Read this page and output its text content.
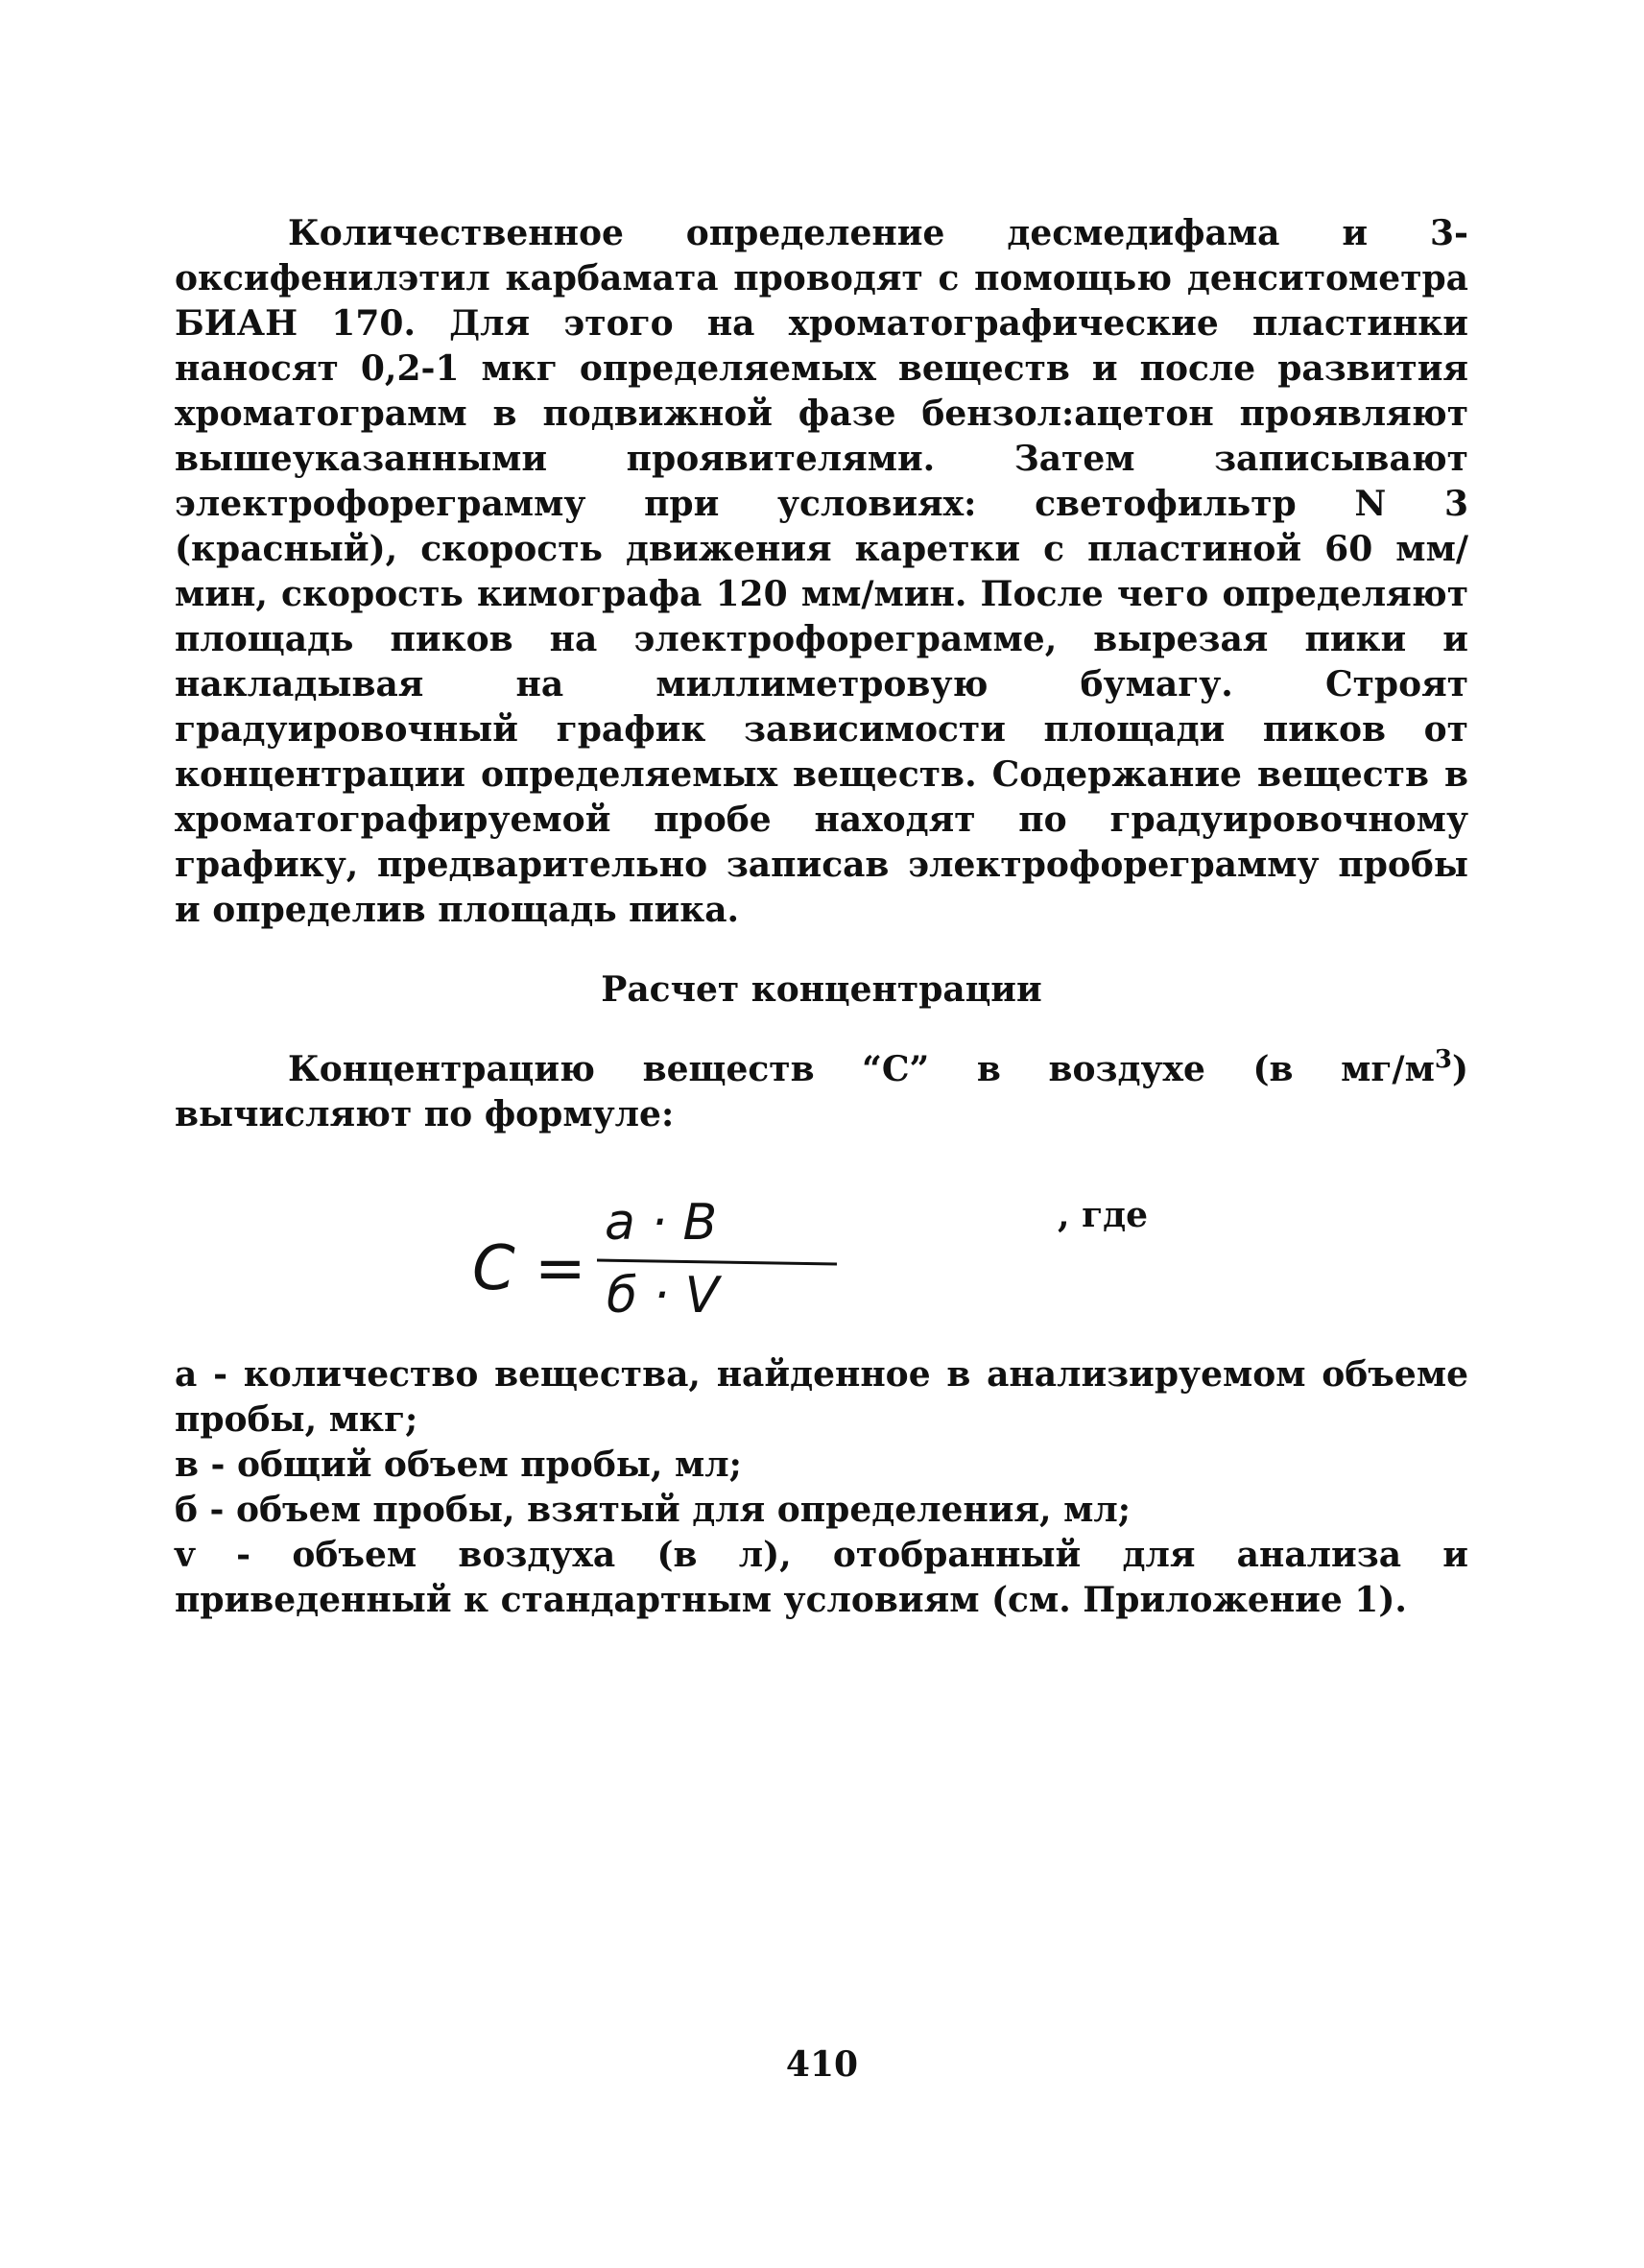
Количественное определение десмедифама и 3-оксифенилэтил карбамата проводят с помощью денситометра БИАН 170. Для этого на хроматографические пластинки наносят 0,2-1 мкг определяемых веществ и после развития хроматограмм в подвижной фазе бензол:ацетон проявляют вышеуказанными проявителями. Затем записывают электрофореграмму при условиях: светофильтр N 3 (красный), скорость движения каретки с пластиной 60 мм/мин, скорость кимографа 120 мм/мин. После чего определяют площадь пиков на электрофореграмме, вырезая пики и накладывая на миллиметровую бумагу. Строят градуировочный график зависимости площади пиков от концентрации определяемых веществ. Содержание веществ в хроматографируемой пробе находят по градуировочному графику, предварительно записав электрофореграмму пробы и определив площадь пика.

Расчет концентрации

Концентрацию веществ “С” в воздухе (в $мг/м^3$) вычисляют по формуле:

C =
a · B
б · V
, где
а - количество вещества, найденное в анализируемом объеме пробы, мкг;
в - общий объем пробы, мл;
б - объем пробы, взятый для определения, мл;
v - объем воздуха (в л), отобранный для анализа и приведенный к стандартным условиям (см. Приложение 1).
410
